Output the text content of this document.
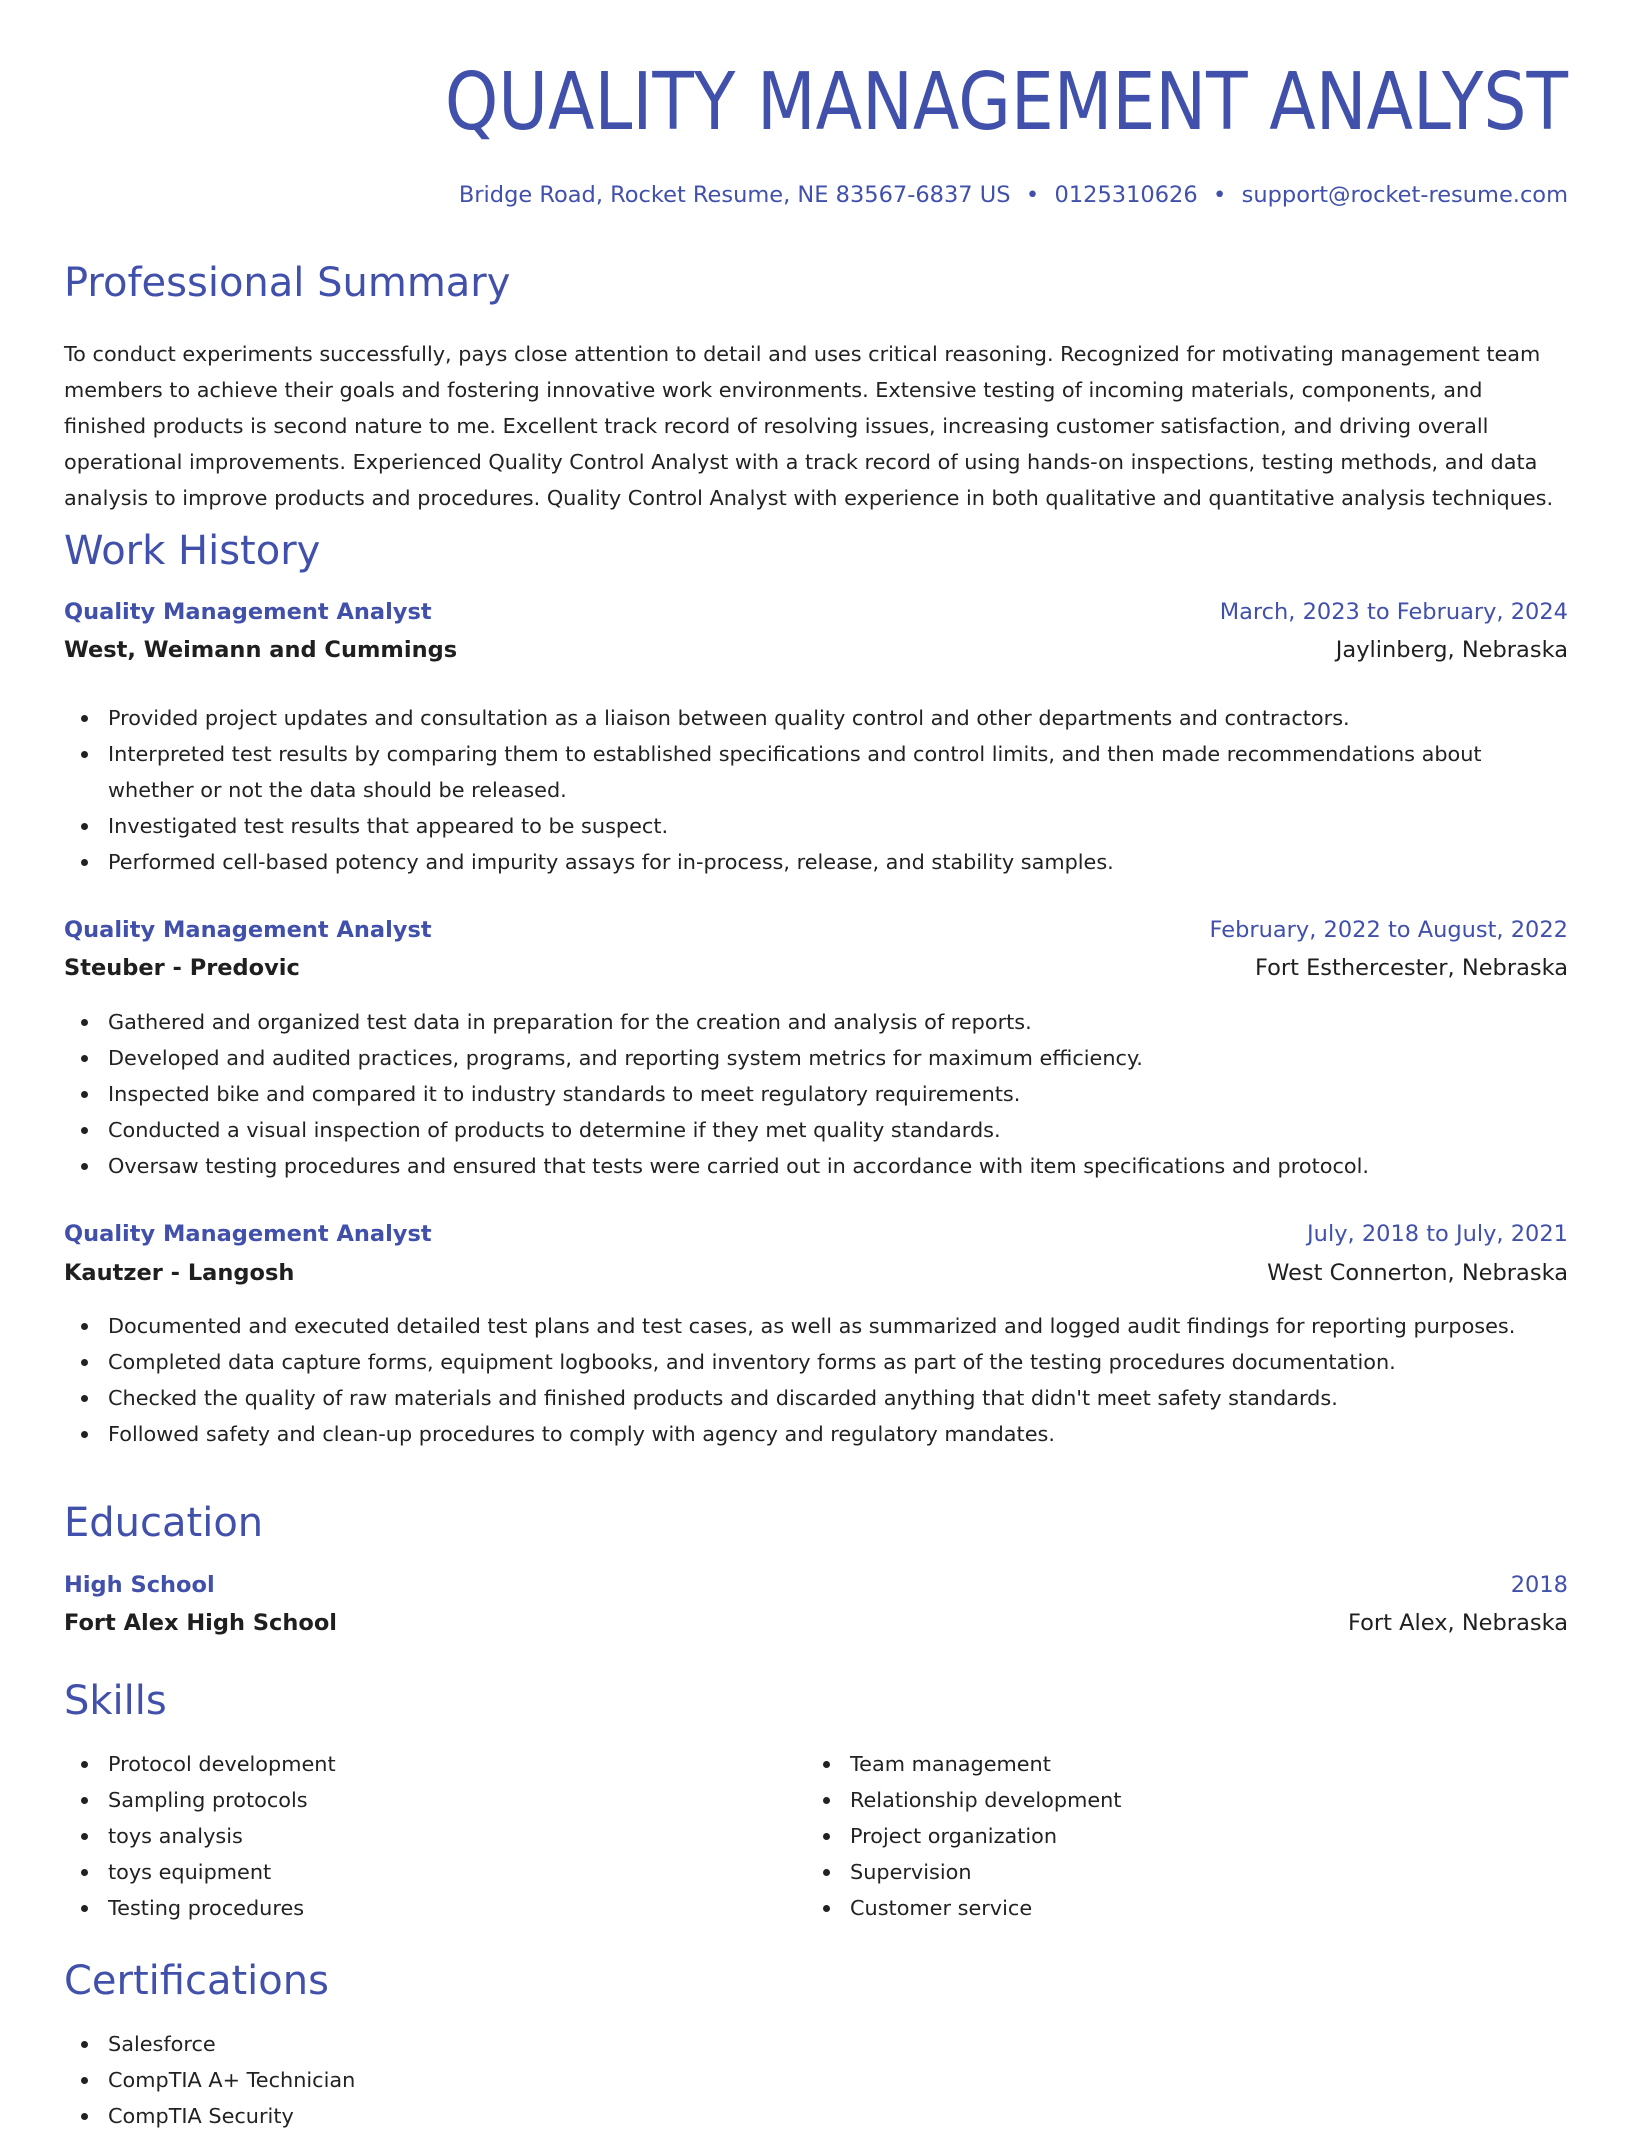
QUALITY MANAGEMENT ANALYST
Bridge Road, Rocket Resume, NE 83567-6837 US • 0125310626 • support@rocket-resume.com
Professional Summary

To conduct experiments successfully, pays close attention to detail and uses critical reasoning. Recognized for motivating management team members to achieve their goals and fostering innovative work environments. Extensive testing of incoming materials, components, and finished products is second nature to me. Excellent track record of resolving issues, increasing customer satisfaction, and driving overall operational improvements. Experienced Quality Control Analyst with a track record of using hands-on inspections, testing methods, and data analysis to improve products and procedures. Quality Control Analyst with experience in both qualitative and quantitative analysis techniques.

Work History
Quality Management Analyst	March, 2023 to February, 2024
West, Weimann and Cummings	Jaylinberg, Nebraska
Provided project updates and consultation as a liaison between quality control and other departments and contractors.
Interpreted test results by comparing them to established specifications and control limits, and then made recommendations about whether or not the data should be released.
Investigated test results that appeared to be suspect.
Performed cell-based potency and impurity assays for in-process, release, and stability samples.
Quality Management Analyst	February, 2022 to August, 2022
Steuber - Predovic	Fort Esthercester, Nebraska
Gathered and organized test data in preparation for the creation and analysis of reports.
Developed and audited practices, programs, and reporting system metrics for maximum efficiency.
Inspected bike and compared it to industry standards to meet regulatory requirements.
Conducted a visual inspection of products to determine if they met quality standards.
Oversaw testing procedures and ensured that tests were carried out in accordance with item specifications and protocol.
Quality Management Analyst	July, 2018 to July, 2021
Kautzer - Langosh	West Connerton, Nebraska
Documented and executed detailed test plans and test cases, as well as summarized and logged audit findings for reporting purposes.
Completed data capture forms, equipment logbooks, and inventory forms as part of the testing procedures documentation.
Checked the quality of raw materials and finished products and discarded anything that didn't meet safety standards.
Followed safety and clean-up procedures to comply with agency and regulatory mandates.
Education
High School	2018
Fort Alex High School	Fort Alex, Nebraska
Skills
Protocol development
Sampling protocols
toys analysis
toys equipment
Testing procedures
Team management
Relationship development
Project organization
Supervision
Customer service
Certifications
Salesforce
CompTIA A+ Technician
CompTIA Security
